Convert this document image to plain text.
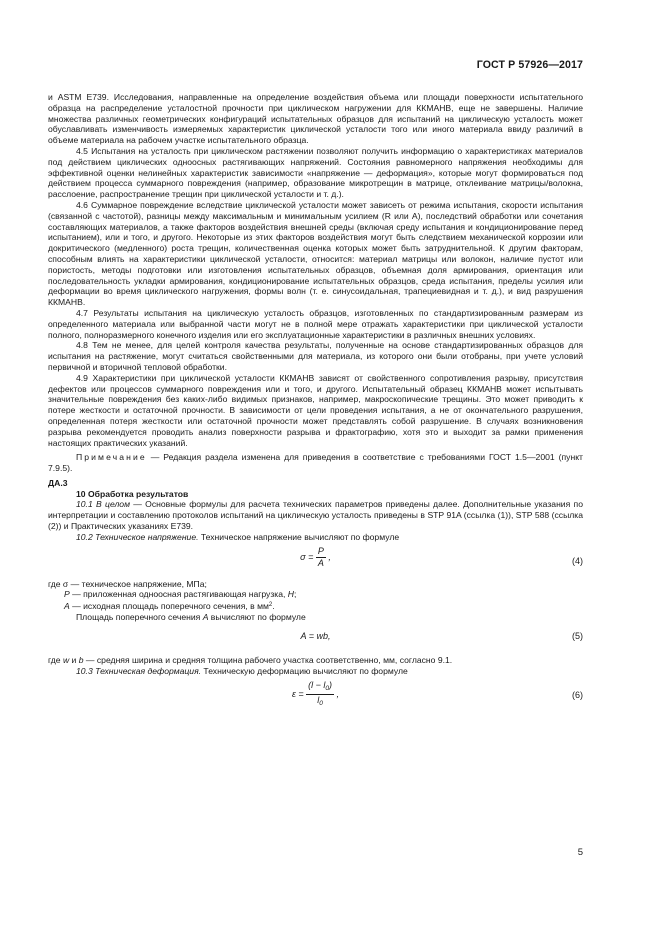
ГОСТ Р 57926—2017

и ASTM E739. Исследования, направленные на определение воздействия объема или площади поверхности испытательного образца на распределение усталостной прочности при циклическом нагружении для ККМАНВ, еще не завершены. Наличие множества различных геометрических конфигураций испытательных образцов для испытаний на циклическую усталость может обуславливать изменчивость измеряемых характеристик циклической усталости того или иного материала ввиду различий в объеме материала на рабочем участке испытательного образца.

4.5 Испытания на усталость при циклическом растяжении позволяют получить информацию о характеристиках материалов под действием циклических одноосных растягивающих напряжений. Состояния равномерного напряжения необходимы для эффективной оценки нелинейных характеристик зависимости «напряжение — деформация», которые могут формироваться под действием процесса суммарного повреждения (например, образование микротрещин в матрице, отклеивание матрицы/волокна, расслоение, распространение трещин при циклической усталости и т. д.).

4.6 Суммарное повреждение вследствие циклической усталости может зависеть от режима испытания, скорости испытания (связанной с частотой), разницы между максимальным и минимальным усилием (R или A), последствий обработки или сочетания составляющих материалов, а также факторов воздействия внешней среды (включая среду испытания и кондиционирование перед испытанием), или и того, и другого. Некоторые из этих факторов воздействия могут быть следствием механической коррозии или докритического (медленного) роста трещин, количественная оценка которых может быть затруднительной. К другим факторам, способным влиять на характеристики циклической усталости, относится: материал матрицы или волокон, наличие пустот или пористость, методы подготовки или изготовления испытательных образцов, объемная доля армирования, ориентация или последовательность укладки армирования, кондиционирование испытательных образцов, среда испытания, пределы усилия или деформации во время циклического нагружения, формы волн (т. е. синусоидальная, трапециевидная и т. д.), и вид разрушения ККМАНВ.

4.7 Результаты испытания на циклическую усталость образцов, изготовленных по стандартизированным размерам из определенного материала или выбранной части могут не в полной мере отражать характеристики при циклической усталости полного, полноразмерного конечного изделия или его эксплуатационные характеристики в различных внешних условиях.

4.8 Тем не менее, для целей контроля качества результаты, полученные на основе стандартизированных образцов для испытания на растяжение, могут считаться свойственными для материала, из которого они были отобраны, при учете условий первичной и вторичной тепловой обработки.

4.9 Характеристики при циклической усталости ККМАНВ зависят от свойственного сопротивления разрыву, присутствия дефектов или процессов суммарного повреждения или и того, и другого. Испытательный образец ККМАНВ может испытывать значительные повреждения без каких-либо видимых признаков, например, макроскопические трещины. Это может приводить к потере жесткости и остаточной прочности. В зависимости от цели проведения испытания, а не от окончательного разрушения, определенная потеря жесткости или остаточной прочности может представлять собой разрушение. В случаях возникновения разрыва рекомендуется проводить анализ поверхности разрыва и фрактографию, хотя это и выходит за рамки применения настоящих практических указаний.

Примечание — Редакция раздела изменена для приведения в соответствие с требованиями ГОСТ 1.5—2001 (пункт 7.9.5).

ДА.3

10 Обработка результатов

10.1 В целом — Основные формулы для расчета технических параметров приведены далее. Дополнительные указания по интерпретации и составлению протоколов испытаний на циклическую усталость приведены в STP 91A (ссылка (1)), STP 588 (ссылка (2)) и Практических указаниях E739.

10.2 Техническое напряжение. Техническое напряжение вычисляют по формуле

$\sigma = \frac{P}{A}$ ,	(4)

где σ — техническое напряжение, МПа;

P — приложенная одноосная растягивающая нагрузка, Н;

A — исходная площадь поперечного сечения, в $мм^2$.

Площадь поперечного сечения A вычисляют по формуле

A = wb,	(5)

где w и b — средняя ширина и средняя толщина рабочего участка соответственно, мм, согласно 9.1.

10.3 Техническая деформация. Техническую деформацию вычисляют по формуле

$\varepsilon = \frac{(l - l_0)}{l_0}$ ,	(6)
5
